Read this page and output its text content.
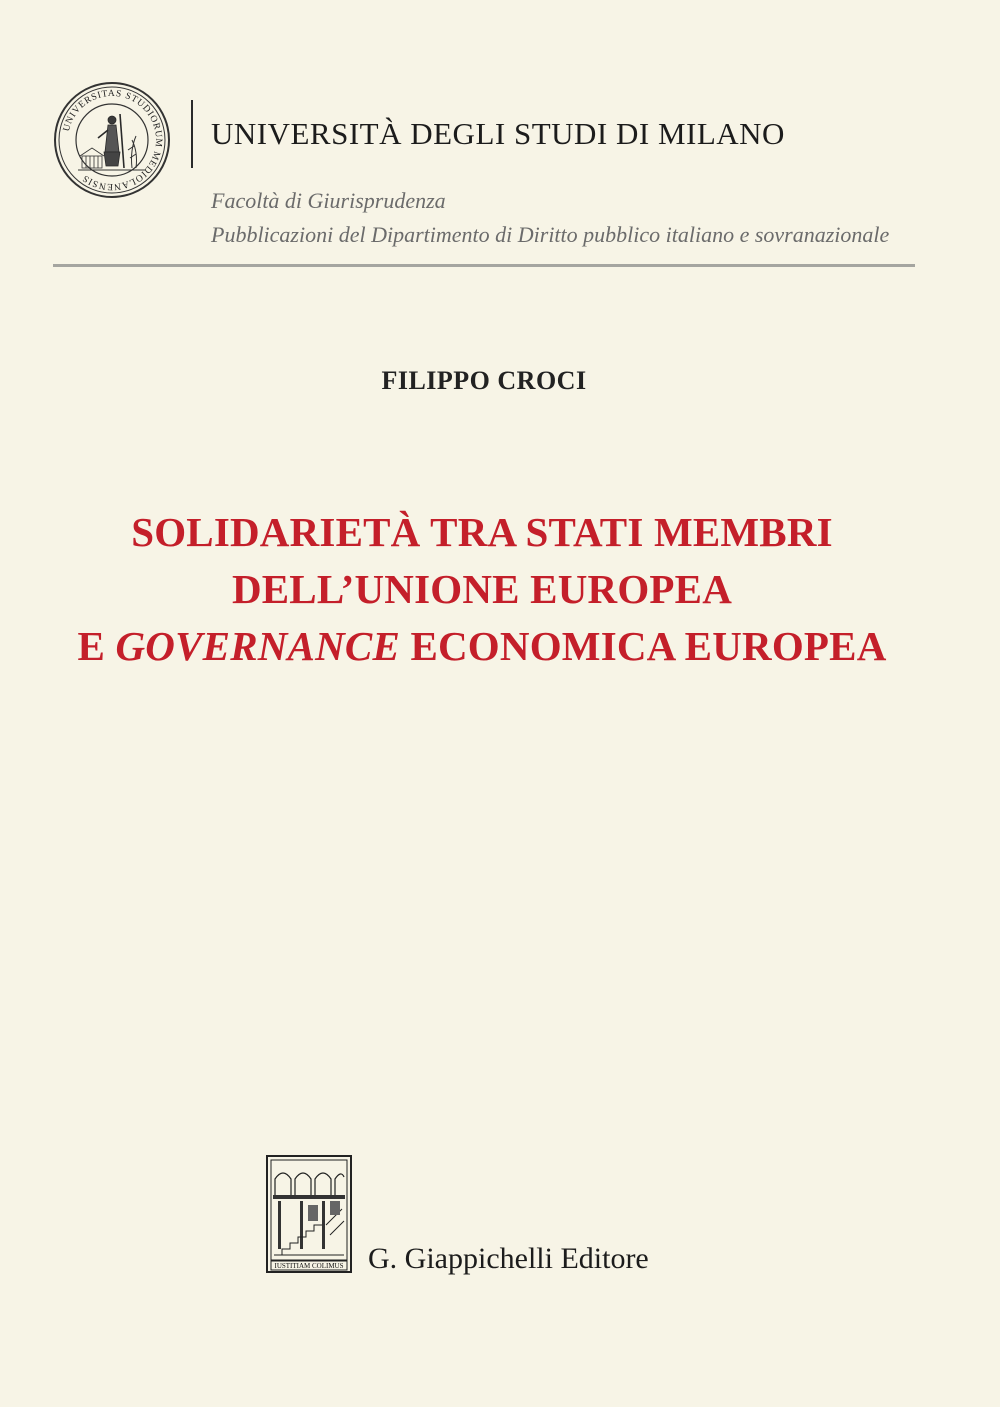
UNIVERSITAS STUDIORUM MEDIOLANENSIS
UNIVERSITÀ DEGLI STUDI DI MILANO
Facoltà di Giurisprudenza
Pubblicazioni del Dipartimento di Diritto pubblico italiano e sovranazionale
FILIPPO CROCI
SOLIDARIETÀ TRA STATI MEMBRI
DELL’UNIONE EUROPEA
E GOVERNANCE ECONOMICA EUROPEA
IUSTITIAM COLIMUS G. Giappichelli Editore
